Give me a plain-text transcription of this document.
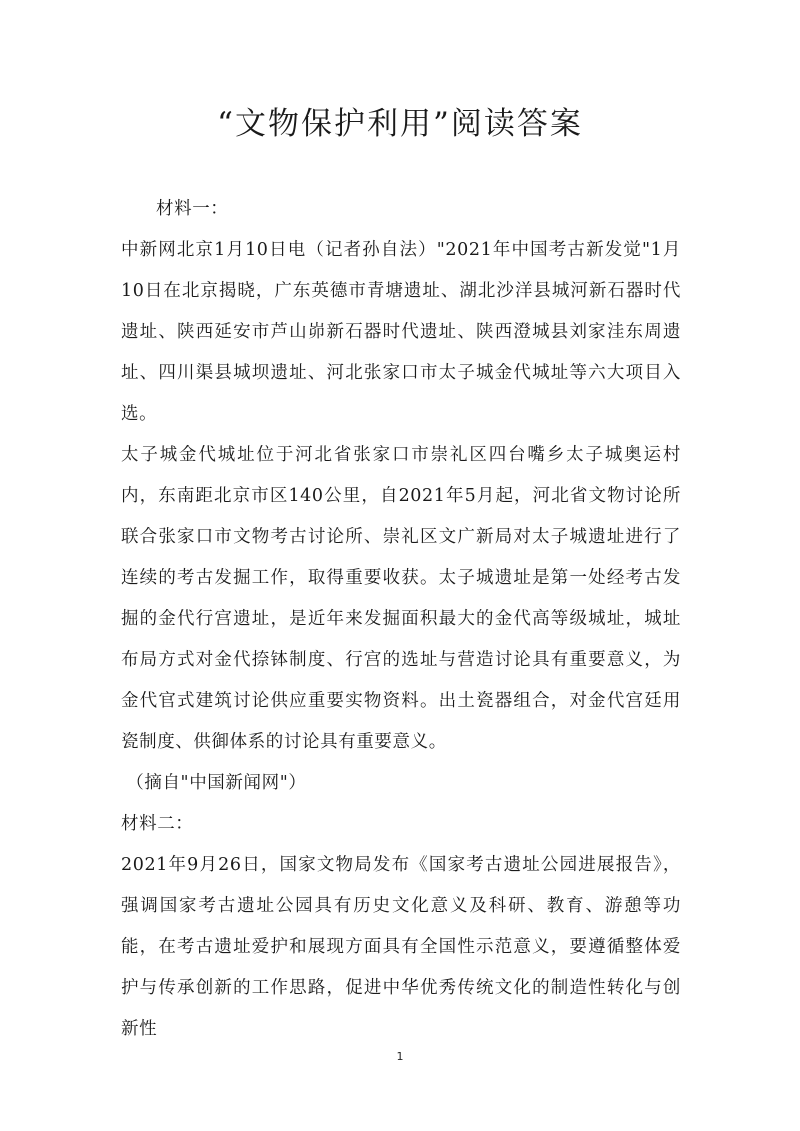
“文物保护利用”阅读答案

材料一：

中新网北京1月10日电（记者孙自法）"2021年中国考古新发觉"1月10日在北京揭晓，广东英德市青塘遗址、湖北沙洋县城河新石器时代遗址、陕西延安市芦山峁新石器时代遗址、陕西澄城县刘家洼东周遗址、四川渠县城坝遗址、河北张家口市太子城金代城址等六大项目入选。

太子城金代城址位于河北省张家口市崇礼区四台嘴乡太子城奥运村内，东南距北京市区140公里，自2021年5月起，河北省文物讨论所联合张家口市文物考古讨论所、崇礼区文广新局对太子城遗址进行了连续的考古发掘工作，取得重要收获。太子城遗址是第一处经考古发掘的金代行宫遗址，是近年来发掘面积最大的金代高等级城址，城址布局方式对金代捺钵制度、行宫的选址与营造讨论具有重要意义，为金代官式建筑讨论供应重要实物资料。出土瓷器组合，对金代宫廷用瓷制度、供御体系的讨论具有重要意义。

（摘自"中国新闻网"）

材料二：

2021年9月26日，国家文物局发布《国家考古遗址公园进展报告》，强调国家考古遗址公园具有历史文化意义及科研、教育、游憩等功能，在考古遗址爱护和展现方面具有全国性示范意义，要遵循整体爱护与传承创新的工作思路，促进中华优秀传统文化的制造性转化与创新性

1
